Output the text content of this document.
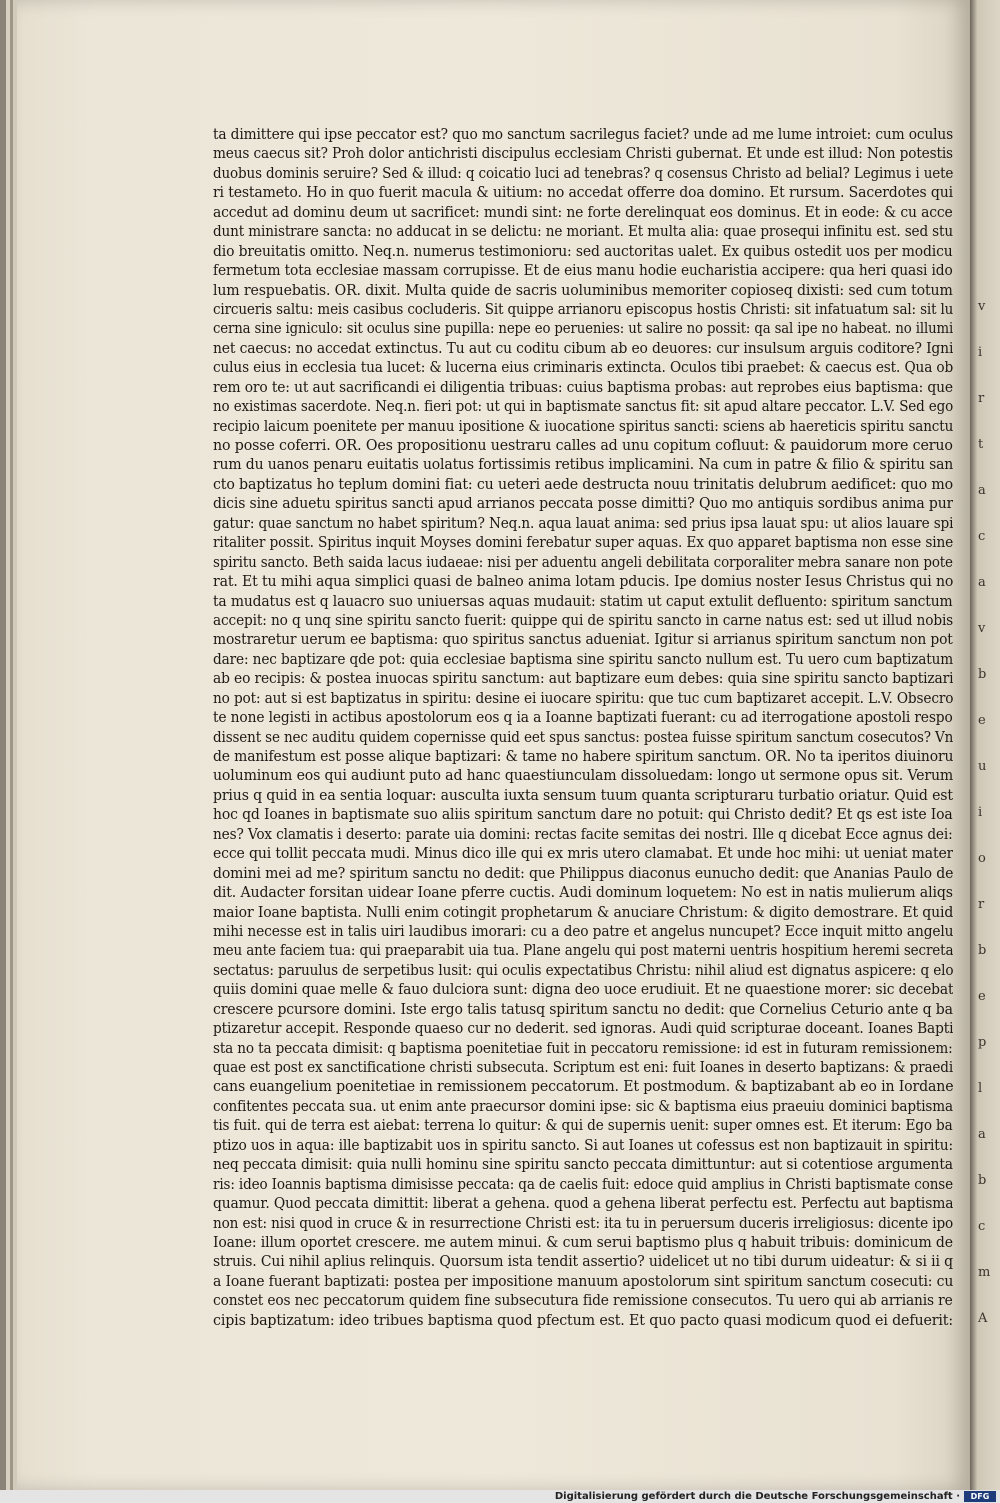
ta dimittere qui ipse peccator est? quo mo sanctum sacrilegus faciet? unde ad me lume introiet: cum oculus
meus caecus sit? Proh dolor antichristi discipulus ecclesiam Christi gubernat. Et unde est illud: Non potestis
duobus dominis seruire? Sed & illud: q coicatio luci ad tenebras? q cosensus Christo ad belial? Legimus i uete
ri testameto. Ho in quo fuerit macula & uitium: no accedat offerre doa domino. Et rursum. Sacerdotes qui
accedut ad dominu deum ut sacrificet: mundi sint: ne forte derelinquat eos dominus. Et in eode: & cu acce
dunt ministrare sancta: no adducat in se delictu: ne moriant. Et multa alia: quae prosequi infinitu est. sed stu
dio breuitatis omitto. Neq.n. numerus testimonioru: sed auctoritas ualet. Ex quibus ostedit uos per modicu
fermetum tota ecclesiae massam corrupisse. Et de eius manu hodie eucharistia accipere: qua heri quasi ido
lum respuebatis. OR. dixit. Multa quide de sacris uoluminibus memoriter copioseq dixisti: sed cum totum
circueris saltu: meis casibus cocluderis. Sit quippe arrianoru episcopus hostis Christi: sit infatuatum sal: sit lu
cerna sine igniculo: sit oculus sine pupilla: nepe eo peruenies: ut salire no possit: qa sal ipe no habeat. no illumi
net caecus: no accedat extinctus. Tu aut cu coditu cibum ab eo deuores: cur insulsum arguis coditore? Igni
culus eius in ecclesia tua lucet: & lucerna eius criminaris extincta. Oculos tibi praebet: & caecus est. Qua ob
rem oro te: ut aut sacrificandi ei diligentia tribuas: cuius baptisma probas: aut reprobes eius baptisma: que
no existimas sacerdote. Neq.n. fieri pot: ut qui in baptismate sanctus fit: sit apud altare peccator. L.V. Sed ego
recipio laicum poenitete per manuu ipositione & iuocatione spiritus sancti: sciens ab haereticis spiritu sanctu
no posse coferri. OR. Oes propositionu uestraru calles ad unu copitum cofluut: & pauidorum more ceruo
rum du uanos penaru euitatis uolatus fortissimis retibus implicamini. Na cum in patre & filio & spiritu san
cto baptizatus ho teplum domini fiat: cu ueteri aede destructa nouu trinitatis delubrum aedificet: quo mo
dicis sine aduetu spiritus sancti apud arrianos peccata posse dimitti? Quo mo antiquis sordibus anima pur
gatur: quae sanctum no habet spiritum? Neq.n. aqua lauat anima: sed prius ipsa lauat spu: ut alios lauare spi
ritaliter possit. Spiritus inquit Moyses domini ferebatur super aquas. Ex quo apparet baptisma non esse sine
spiritu sancto. Beth saida lacus iudaeae: nisi per aduentu angeli debilitata corporaliter mebra sanare non pote
rat. Et tu mihi aqua simplici quasi de balneo anima lotam pducis. Ipe domius noster Iesus Christus qui no
ta mudatus est q lauacro suo uniuersas aquas mudauit: statim ut caput extulit defluento: spiritum sanctum
accepit: no q unq sine spiritu sancto fuerit: quippe qui de spiritu sancto in carne natus est: sed ut illud nobis
mostraretur uerum ee baptisma: quo spiritus sanctus adueniat. Igitur si arrianus spiritum sanctum non pot
dare: nec baptizare qde pot: quia ecclesiae baptisma sine spiritu sancto nullum est. Tu uero cum baptizatum
ab eo recipis: & postea inuocas spiritu sanctum: aut baptizare eum debes: quia sine spiritu sancto baptizari
no pot: aut si est baptizatus in spiritu: desine ei iuocare spiritu: que tuc cum baptizaret accepit. L.V. Obsecro
te none legisti in actibus apostolorum eos q ia a Ioanne baptizati fuerant: cu ad iterrogatione apostoli respo
dissent se nec auditu quidem copernisse quid eet spus sanctus: postea fuisse spiritum sanctum cosecutos? Vn
de manifestum est posse alique baptizari: & tame no habere spiritum sanctum. OR. No ta iperitos diuinoru
uoluminum eos qui audiunt puto ad hanc quaestiunculam dissoluedam: longo ut sermone opus sit. Verum
prius q quid in ea sentia loquar: ausculta iuxta sensum tuum quanta scripturaru turbatio oriatur. Quid est
hoc qd Ioanes in baptismate suo aliis spiritum sanctum dare no potuit: qui Christo dedit? Et qs est iste Ioa
nes? Vox clamatis i deserto: parate uia domini: rectas facite semitas dei nostri. Ille q dicebat Ecce agnus dei:
ecce qui tollit peccata mudi. Minus dico ille qui ex mris utero clamabat. Et unde hoc mihi: ut ueniat mater
domini mei ad me? spiritum sanctu no dedit: que Philippus diaconus eunucho dedit: que Ananias Paulo de
dit. Audacter forsitan uidear Ioane pferre cuctis. Audi dominum loquetem: No est in natis mulierum aliqs
maior Ioane baptista. Nulli enim cotingit prophetarum & anuciare Christum: & digito demostrare. Et quid
mihi necesse est in talis uiri laudibus imorari: cu a deo patre et angelus nuncupet? Ecce inquit mitto angelu
meu ante faciem tua: qui praeparabit uia tua. Plane angelu qui post materni uentris hospitium heremi secreta
sectatus: paruulus de serpetibus lusit: qui oculis expectatibus Christu: nihil aliud est dignatus aspicere: q elo
quiis domini quae melle & fauo dulciora sunt: digna deo uoce erudiuit. Et ne quaestione morer: sic decebat
crescere pcursore domini. Iste ergo talis tatusq spiritum sanctu no dedit: que Cornelius Ceturio ante q ba
ptizaretur accepit. Responde quaeso cur no dederit. sed ignoras. Audi quid scripturae doceant. Ioanes Bapti
sta no ta peccata dimisit: q baptisma poenitetiae fuit in peccatoru remissione: id est in futuram remissionem:
quae est post ex sanctificatione christi subsecuta. Scriptum est eni: fuit Ioanes in deserto baptizans: & praedi
cans euangelium poenitetiae in remissionem peccatorum. Et postmodum. & baptizabant ab eo in Iordane
confitentes peccata sua. ut enim ante praecursor domini ipse: sic & baptisma eius praeuiu dominici baptisma
tis fuit. qui de terra est aiebat: terrena lo quitur: & qui de supernis uenit: super omnes est. Et iterum: Ego ba
ptizo uos in aqua: ille baptizabit uos in spiritu sancto. Si aut Ioanes ut cofessus est non baptizauit in spiritu:
neq peccata dimisit: quia nulli hominu sine spiritu sancto peccata dimittuntur: aut si cotentiose argumenta
ris: ideo Ioannis baptisma dimisisse peccata: qa de caelis fuit: edoce quid amplius in Christi baptismate conse
quamur. Quod peccata dimittit: liberat a gehena. quod a gehena liberat perfectu est. Perfectu aut baptisma
non est: nisi quod in cruce & in resurrectione Christi est: ita tu in peruersum duceris irreligiosus: dicente ipo
Ioane: illum oportet crescere. me autem minui. & cum serui baptismo plus q habuit tribuis: dominicum de
struis. Cui nihil aplius relinquis. Quorsum ista tendit assertio? uidelicet ut no tibi durum uideatur: & si ii q
a Ioane fuerant baptizati: postea per impositione manuum apostolorum sint spiritum sanctum cosecuti: cu
constet eos nec peccatorum quidem fine subsecutura fide remissione consecutos. Tu uero qui ab arrianis re
cipis baptizatum: ideo tribues baptisma quod pfectum est. Et quo pacto quasi modicum quod ei defuerit:
v
i
r
t
a
c
a
v
b
e
u
i
o
r
b
e
p
l
a
b
c
m
A
Digitalisierung gefördert durch die Deutsche Forschungsgemeinschaft ·	DFG
